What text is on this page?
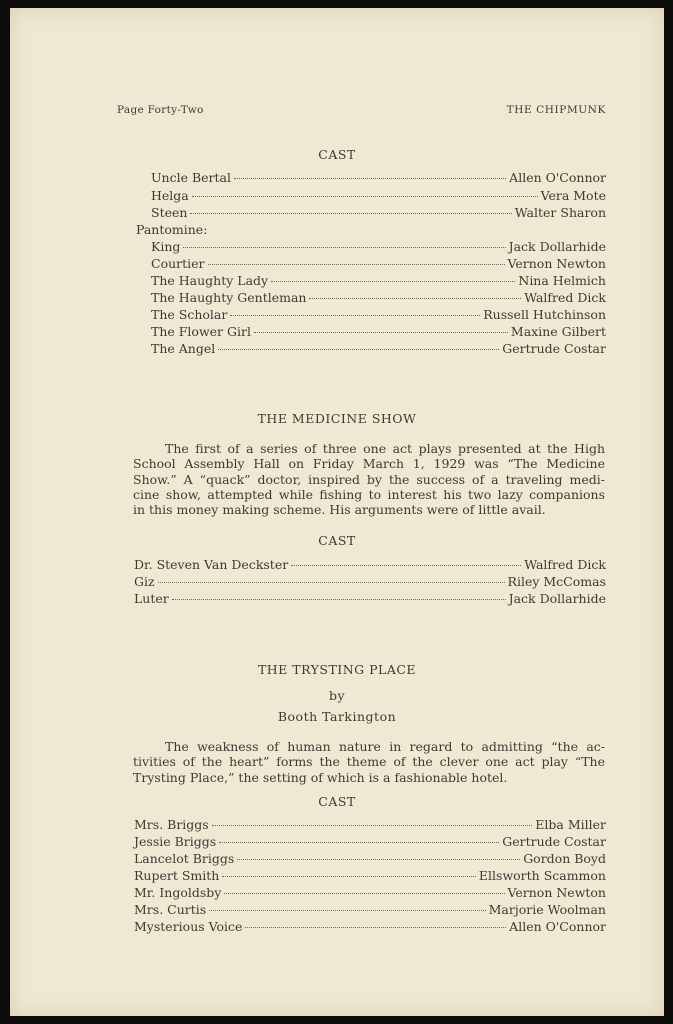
Page Forty-Two	THE CHIPMUNK
CAST
Uncle Bertal	Allen O'Connor
Helga	Vera Mote
Steen	Walter Sharon
Pantomine:
King	Jack Dollarhide
Courtier	Vernon Newton
The Haughty Lady	Nina Helmich
The Haughty Gentleman	Walfred Dick
The Scholar	Russell Hutchinson
The Flower Girl	Maxine Gilbert
The Angel	Gertrude Costar
THE MEDICINE SHOW
The first of a series of three one act plays presented at the High
School Assembly Hall on Friday March 1, 1929 was “The Medicine
Show.” A “quack” doctor, inspired by the success of a traveling medi-
cine show, attempted while fishing to interest his two lazy companions
in this money making scheme. His arguments were of little avail.
CAST
Dr. Steven Van Deckster	Walfred Dick
Giz	Riley McComas
Luter	Jack Dollarhide
THE TRYSTING PLACE
by
Booth Tarkington
The weakness of human nature in regard to admitting “the ac-
tivities of the heart” forms the theme of the clever one act play “The
Trysting Place,” the setting of which is a fashionable hotel.
CAST
Mrs. Briggs	Elba Miller
Jessie Briggs	Gertrude Costar
Lancelot Briggs	Gordon Boyd
Rupert Smith	Ellsworth Scammon
Mr. Ingoldsby	Vernon Newton
Mrs. Curtis	Marjorie Woolman
Mysterious Voice	Allen O'Connor
